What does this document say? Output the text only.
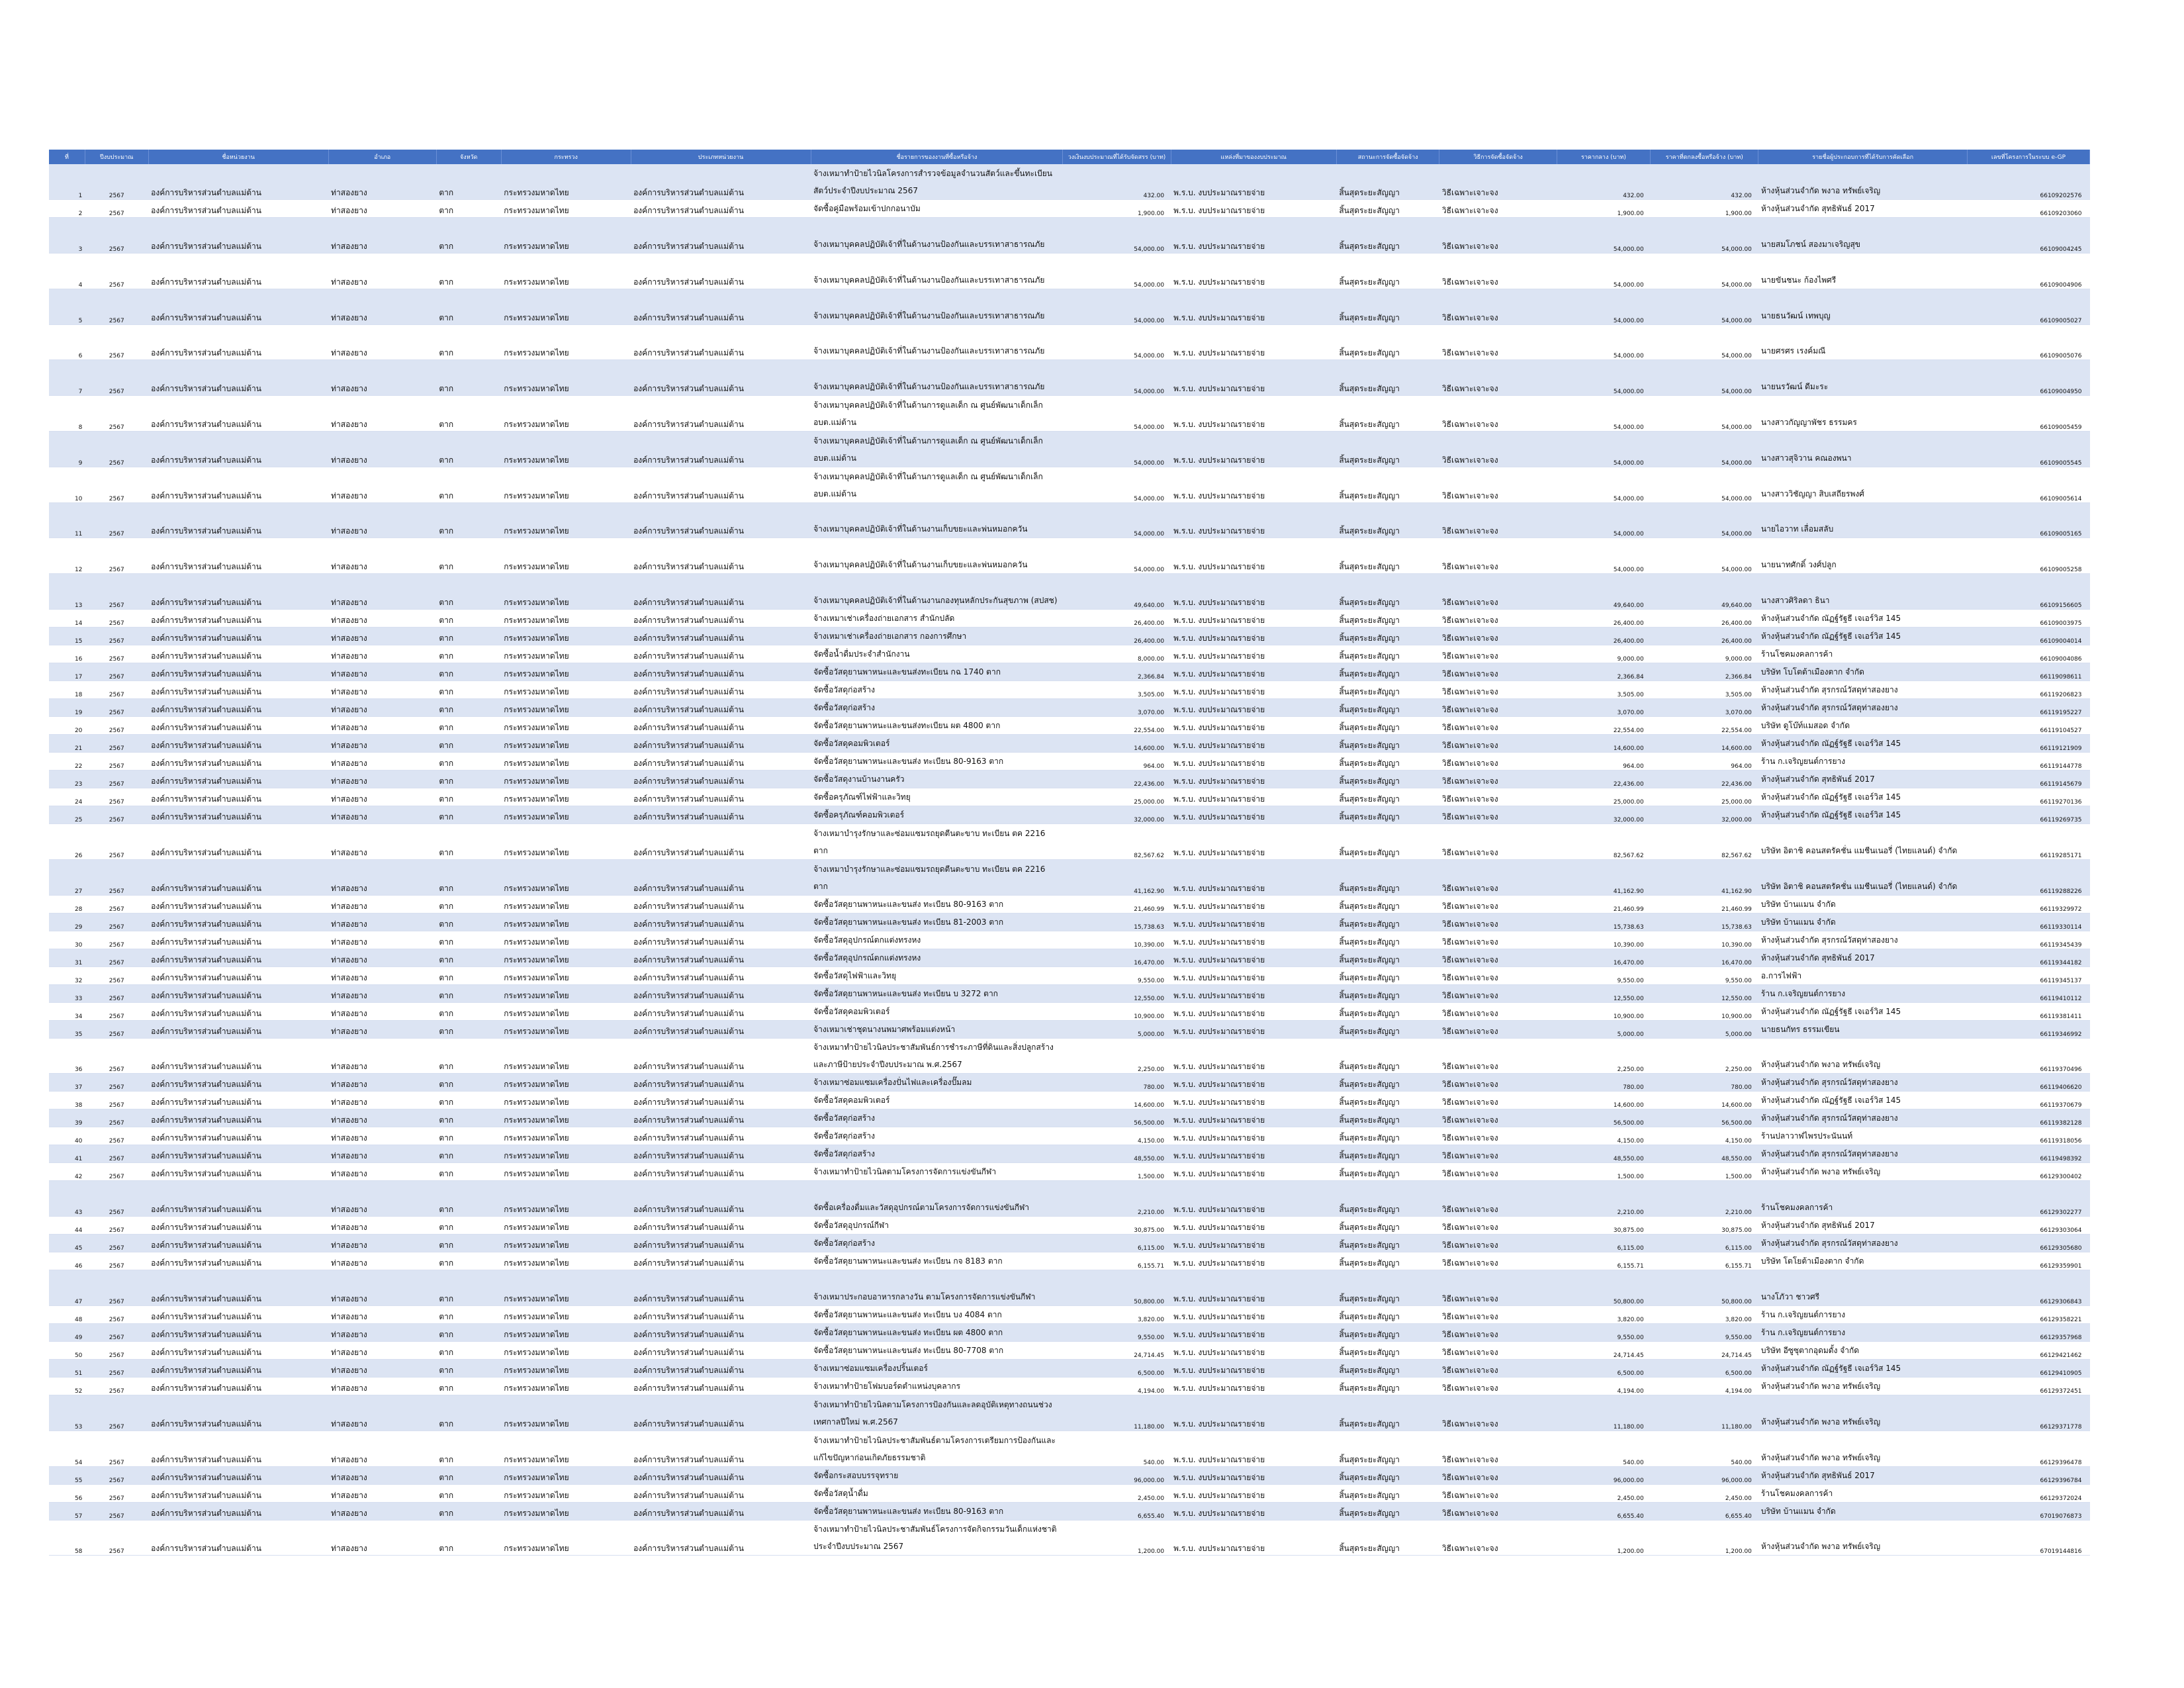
ที่	ปีงบประมาณ	ชื่อหน่วยงาน	อำเภอ	จังหวัด	กระทรวง	ประเภทหน่วยงาน	ชื่อรายการของงานที่ซื้อหรือจ้าง	วงเงินงบประมาณที่ได้รับจัดสรร (บาท)	แหล่งที่มาของงบประมาณ	สถานะการจัดซื้อจัดจ้าง	วิธีการจัดซื้อจัดจ้าง	ราคากลาง (บาท)	ราคาที่ตกลงซื้อหรือจ้าง (บาท)	รายชื่อผู้ประกอบการที่ได้รับการคัดเลือก	เลขที่โครงการในระบบ e-GP
1	2567	องค์การบริหารส่วนตำบลแม่ต้าน	ท่าสองยาง	ตาก	กระทรวงมหาดไทย	องค์การบริหารส่วนตำบลแม่ต้าน	จ้างเหมาทำป้ายไวนิลโครงการสำรวจข้อมูลจำนวนสัตว์และขึ้นทะเบียนสัตว์ประจำปีงบประมาณ 2567	432.00	พ.ร.บ. งบประมาณรายจ่าย	สิ้นสุดระยะสัญญา	วิธีเฉพาะเจาะจง	432.00	432.00	ห้างหุ้นส่วนจำกัด พงาอ ทรัพย์เจริญ	66109202576
2	2567	องค์การบริหารส่วนตำบลแม่ต้าน	ท่าสองยาง	ตาก	กระทรวงมหาดไทย	องค์การบริหารส่วนตำบลแม่ต้าน	จัดซื้อคู่มือพร้อมเข้าปกกอนาบัม	1,900.00	พ.ร.บ. งบประมาณรายจ่าย	สิ้นสุดระยะสัญญา	วิธีเฉพาะเจาะจง	1,900.00	1,900.00	ห้างหุ้นส่วนจำกัด สุทธิพันธ์ 2017	66109203060
3	2567	องค์การบริหารส่วนตำบลแม่ต้าน	ท่าสองยาง	ตาก	กระทรวงมหาดไทย	องค์การบริหารส่วนตำบลแม่ต้าน	จ้างเหมาบุคคลปฏิบัติเจ้าที่ในด้านงานป้องกันและบรรเทาสาธารณภัย	54,000.00	พ.ร.บ. งบประมาณรายจ่าย	สิ้นสุดระยะสัญญา	วิธีเฉพาะเจาะจง	54,000.00	54,000.00	นายสมโภชน์ สองมาเจริญสุข	66109004245
4	2567	องค์การบริหารส่วนตำบลแม่ต้าน	ท่าสองยาง	ตาก	กระทรวงมหาดไทย	องค์การบริหารส่วนตำบลแม่ต้าน	จ้างเหมาบุคคลปฏิบัติเจ้าที่ในด้านงานป้องกันและบรรเทาสาธารณภัย	54,000.00	พ.ร.บ. งบประมาณรายจ่าย	สิ้นสุดระยะสัญญา	วิธีเฉพาะเจาะจง	54,000.00	54,000.00	นายขันชนะ ก้องไพศรี	66109004906
5	2567	องค์การบริหารส่วนตำบลแม่ต้าน	ท่าสองยาง	ตาก	กระทรวงมหาดไทย	องค์การบริหารส่วนตำบลแม่ต้าน	จ้างเหมาบุคคลปฏิบัติเจ้าที่ในด้านงานป้องกันและบรรเทาสาธารณภัย	54,000.00	พ.ร.บ. งบประมาณรายจ่าย	สิ้นสุดระยะสัญญา	วิธีเฉพาะเจาะจง	54,000.00	54,000.00	นายธนวัฒน์ เทพบุญ	66109005027
6	2567	องค์การบริหารส่วนตำบลแม่ต้าน	ท่าสองยาง	ตาก	กระทรวงมหาดไทย	องค์การบริหารส่วนตำบลแม่ต้าน	จ้างเหมาบุคคลปฏิบัติเจ้าที่ในด้านงานป้องกันและบรรเทาสาธารณภัย	54,000.00	พ.ร.บ. งบประมาณรายจ่าย	สิ้นสุดระยะสัญญา	วิธีเฉพาะเจาะจง	54,000.00	54,000.00	นายศรศร เรงค์มณี	66109005076
7	2567	องค์การบริหารส่วนตำบลแม่ต้าน	ท่าสองยาง	ตาก	กระทรวงมหาดไทย	องค์การบริหารส่วนตำบลแม่ต้าน	จ้างเหมาบุคคลปฏิบัติเจ้าที่ในด้านงานป้องกันและบรรเทาสาธารณภัย	54,000.00	พ.ร.บ. งบประมาณรายจ่าย	สิ้นสุดระยะสัญญา	วิธีเฉพาะเจาะจง	54,000.00	54,000.00	นายนรวัฒน์ ดีมะระ	66109004950
8	2567	องค์การบริหารส่วนตำบลแม่ต้าน	ท่าสองยาง	ตาก	กระทรวงมหาดไทย	องค์การบริหารส่วนตำบลแม่ต้าน	จ้างเหมาบุคคลปฏิบัติเจ้าที่ในด้านการดูแลเด็ก ณ ศูนย์พัฒนาเด็กเล็ก อบต.แม่ต้าน	54,000.00	พ.ร.บ. งบประมาณรายจ่าย	สิ้นสุดระยะสัญญา	วิธีเฉพาะเจาะจง	54,000.00	54,000.00	นางสาวกัญญาพัชร ธรรมคร	66109005459
9	2567	องค์การบริหารส่วนตำบลแม่ต้าน	ท่าสองยาง	ตาก	กระทรวงมหาดไทย	องค์การบริหารส่วนตำบลแม่ต้าน	จ้างเหมาบุคคลปฏิบัติเจ้าที่ในด้านการดูแลเด็ก ณ ศูนย์พัฒนาเด็กเล็ก อบต.แม่ต้าน	54,000.00	พ.ร.บ. งบประมาณรายจ่าย	สิ้นสุดระยะสัญญา	วิธีเฉพาะเจาะจง	54,000.00	54,000.00	นางสาวสุจิวาน คณองพนา	66109005545
10	2567	องค์การบริหารส่วนตำบลแม่ต้าน	ท่าสองยาง	ตาก	กระทรวงมหาดไทย	องค์การบริหารส่วนตำบลแม่ต้าน	จ้างเหมาบุคคลปฏิบัติเจ้าที่ในด้านการดูแลเด็ก ณ ศูนย์พัฒนาเด็กเล็ก อบต.แม่ต้าน	54,000.00	พ.ร.บ. งบประมาณรายจ่าย	สิ้นสุดระยะสัญญา	วิธีเฉพาะเจาะจง	54,000.00	54,000.00	นางสาววิชัญญา สิบเสถียรพงศ์	66109005614
11	2567	องค์การบริหารส่วนตำบลแม่ต้าน	ท่าสองยาง	ตาก	กระทรวงมหาดไทย	องค์การบริหารส่วนตำบลแม่ต้าน	จ้างเหมาบุคคลปฏิบัติเจ้าที่ในด้านงานเก็บขยะและพ่นหมอกควัน	54,000.00	พ.ร.บ. งบประมาณรายจ่าย	สิ้นสุดระยะสัญญา	วิธีเฉพาะเจาะจง	54,000.00	54,000.00	นายไอวาท เลื่อมสลับ	66109005165
12	2567	องค์การบริหารส่วนตำบลแม่ต้าน	ท่าสองยาง	ตาก	กระทรวงมหาดไทย	องค์การบริหารส่วนตำบลแม่ต้าน	จ้างเหมาบุคคลปฏิบัติเจ้าที่ในด้านงานเก็บขยะและพ่นหมอกควัน	54,000.00	พ.ร.บ. งบประมาณรายจ่าย	สิ้นสุดระยะสัญญา	วิธีเฉพาะเจาะจง	54,000.00	54,000.00	นายนาทศักดิ์ วงศ์ปลูก	66109005258
13	2567	องค์การบริหารส่วนตำบลแม่ต้าน	ท่าสองยาง	ตาก	กระทรวงมหาดไทย	องค์การบริหารส่วนตำบลแม่ต้าน	จ้างเหมาบุคคลปฏิบัติเจ้าที่ในด้านงานกองทุนหลักประกันสุขภาพ (สปสช)	49,640.00	พ.ร.บ. งบประมาณรายจ่าย	สิ้นสุดระยะสัญญา	วิธีเฉพาะเจาะจง	49,640.00	49,640.00	นางสาวศิริลดา ธินา	66109156605
14	2567	องค์การบริหารส่วนตำบลแม่ต้าน	ท่าสองยาง	ตาก	กระทรวงมหาดไทย	องค์การบริหารส่วนตำบลแม่ต้าน	จ้างเหมาเช่าเครื่องถ่ายเอกสาร สำนักปลัด	26,400.00	พ.ร.บ. งบประมาณรายจ่าย	สิ้นสุดระยะสัญญา	วิธีเฉพาะเจาะจง	26,400.00	26,400.00	ห้างหุ้นส่วนจำกัด ณัฏฐ์รัฐธี เจเอร์วิส 145	66109003975
15	2567	องค์การบริหารส่วนตำบลแม่ต้าน	ท่าสองยาง	ตาก	กระทรวงมหาดไทย	องค์การบริหารส่วนตำบลแม่ต้าน	จ้างเหมาเช่าเครื่องถ่ายเอกสาร กองการศึกษา	26,400.00	พ.ร.บ. งบประมาณรายจ่าย	สิ้นสุดระยะสัญญา	วิธีเฉพาะเจาะจง	26,400.00	26,400.00	ห้างหุ้นส่วนจำกัด ณัฏฐ์รัฐธี เจเอร์วิส 145	66109004014
16	2567	องค์การบริหารส่วนตำบลแม่ต้าน	ท่าสองยาง	ตาก	กระทรวงมหาดไทย	องค์การบริหารส่วนตำบลแม่ต้าน	จัดซื้อน้ำดื่มประจำสำนักงาน	8,000.00	พ.ร.บ. งบประมาณรายจ่าย	สิ้นสุดระยะสัญญา	วิธีเฉพาะเจาะจง	9,000.00	9,000.00	ร้านโชคมงคลการค้า	66109004086
17	2567	องค์การบริหารส่วนตำบลแม่ต้าน	ท่าสองยาง	ตาก	กระทรวงมหาดไทย	องค์การบริหารส่วนตำบลแม่ต้าน	จัดซื้อวัสดุยานพาหนะและขนส่งทะเบียน กฉ 1740 ตาก	2,366.84	พ.ร.บ. งบประมาณรายจ่าย	สิ้นสุดระยะสัญญา	วิธีเฉพาะเจาะจง	2,366.84	2,366.84	บริษัท โบโตต้าเมืองตาก จำกัด	66119098611
18	2567	องค์การบริหารส่วนตำบลแม่ต้าน	ท่าสองยาง	ตาก	กระทรวงมหาดไทย	องค์การบริหารส่วนตำบลแม่ต้าน	จัดซื้อวัสดุก่อสร้าง	3,505.00	พ.ร.บ. งบประมาณรายจ่าย	สิ้นสุดระยะสัญญา	วิธีเฉพาะเจาะจง	3,505.00	3,505.00	ห้างหุ้นส่วนจำกัด สุรกรณ์วัสดุท่าสองยาง	66119206823
19	2567	องค์การบริหารส่วนตำบลแม่ต้าน	ท่าสองยาง	ตาก	กระทรวงมหาดไทย	องค์การบริหารส่วนตำบลแม่ต้าน	จัดซื้อวัสดุก่อสร้าง	3,070.00	พ.ร.บ. งบประมาณรายจ่าย	สิ้นสุดระยะสัญญา	วิธีเฉพาะเจาะจง	3,070.00	3,070.00	ห้างหุ้นส่วนจำกัด สุรกรณ์วัสดุท่าสองยาง	66119195227
20	2567	องค์การบริหารส่วนตำบลแม่ต้าน	ท่าสองยาง	ตาก	กระทรวงมหาดไทย	องค์การบริหารส่วนตำบลแม่ต้าน	จัดซื้อวัสดุยานพาหนะและขนส่งทะเบียน ผต 4800 ตาก	22,554.00	พ.ร.บ. งบประมาณรายจ่าย	สิ้นสุดระยะสัญญา	วิธีเฉพาะเจาะจง	22,554.00	22,554.00	บริษัท ดูโบ๊ท์แมสอด จำกัด	66119104527
21	2567	องค์การบริหารส่วนตำบลแม่ต้าน	ท่าสองยาง	ตาก	กระทรวงมหาดไทย	องค์การบริหารส่วนตำบลแม่ต้าน	จัดซื้อวัสดุคอมพิวเตอร์	14,600.00	พ.ร.บ. งบประมาณรายจ่าย	สิ้นสุดระยะสัญญา	วิธีเฉพาะเจาะจง	14,600.00	14,600.00	ห้างหุ้นส่วนจำกัด ณัฏฐ์รัฐธี เจเอร์วิส 145	66119121909
22	2567	องค์การบริหารส่วนตำบลแม่ต้าน	ท่าสองยาง	ตาก	กระทรวงมหาดไทย	องค์การบริหารส่วนตำบลแม่ต้าน	จัดซื้อวัสดุยานพาหนะและขนส่ง ทะเบียน 80-9163 ตาก	964.00	พ.ร.บ. งบประมาณรายจ่าย	สิ้นสุดระยะสัญญา	วิธีเฉพาะเจาะจง	964.00	964.00	ร้าน ก.เจริญยนต์การยาง	66119144778
23	2567	องค์การบริหารส่วนตำบลแม่ต้าน	ท่าสองยาง	ตาก	กระทรวงมหาดไทย	องค์การบริหารส่วนตำบลแม่ต้าน	จัดซื้อวัสดุงานบ้านงานครัว	22,436.00	พ.ร.บ. งบประมาณรายจ่าย	สิ้นสุดระยะสัญญา	วิธีเฉพาะเจาะจง	22,436.00	22,436.00	ห้างหุ้นส่วนจำกัด สุทธิพันธ์ 2017	66119145679
24	2567	องค์การบริหารส่วนตำบลแม่ต้าน	ท่าสองยาง	ตาก	กระทรวงมหาดไทย	องค์การบริหารส่วนตำบลแม่ต้าน	จัดซื้อครุภัณฑ์ไฟฟ้าและวิทยุ	25,000.00	พ.ร.บ. งบประมาณรายจ่าย	สิ้นสุดระยะสัญญา	วิธีเฉพาะเจาะจง	25,000.00	25,000.00	ห้างหุ้นส่วนจำกัด ณัฏฐ์รัฐธี เจเอร์วิส 145	66119270136
25	2567	องค์การบริหารส่วนตำบลแม่ต้าน	ท่าสองยาง	ตาก	กระทรวงมหาดไทย	องค์การบริหารส่วนตำบลแม่ต้าน	จัดซื้อครุภัณฑ์คอมพิวเตอร์	32,000.00	พ.ร.บ. งบประมาณรายจ่าย	สิ้นสุดระยะสัญญา	วิธีเฉพาะเจาะจง	32,000.00	32,000.00	ห้างหุ้นส่วนจำกัด ณัฏฐ์รัฐธี เจเอร์วิส 145	66119269735
26	2567	องค์การบริหารส่วนตำบลแม่ต้าน	ท่าสองยาง	ตาก	กระทรวงมหาดไทย	องค์การบริหารส่วนตำบลแม่ต้าน	จ้างเหมาบำรุงรักษาและซ่อมแซมรถยุดตีนตะขาบ ทะเบียน ตค 2216 ตาก	82,567.62	พ.ร.บ. งบประมาณรายจ่าย	สิ้นสุดระยะสัญญา	วิธีเฉพาะเจาะจง	82,567.62	82,567.62	บริษัท อิตาชิ คอนสตรัคชั่น แมชีนเนอรี่ (ไทยแลนด์) จำกัด	66119285171
27	2567	องค์การบริหารส่วนตำบลแม่ต้าน	ท่าสองยาง	ตาก	กระทรวงมหาดไทย	องค์การบริหารส่วนตำบลแม่ต้าน	จ้างเหมาบำรุงรักษาและซ่อมแซมรถยุดตีนตะขาบ ทะเบียน ตค 2216 ตาก	41,162.90	พ.ร.บ. งบประมาณรายจ่าย	สิ้นสุดระยะสัญญา	วิธีเฉพาะเจาะจง	41,162.90	41,162.90	บริษัท อิตาชิ คอนสตรัคชั่น แมชีนเนอรี่ (ไทยแลนด์) จำกัด	66119288226
28	2567	องค์การบริหารส่วนตำบลแม่ต้าน	ท่าสองยาง	ตาก	กระทรวงมหาดไทย	องค์การบริหารส่วนตำบลแม่ต้าน	จัดซื้อวัสดุยานพาหนะและขนส่ง ทะเบียน 80-9163 ตาก	21,460.99	พ.ร.บ. งบประมาณรายจ่าย	สิ้นสุดระยะสัญญา	วิธีเฉพาะเจาะจง	21,460.99	21,460.99	บริษัท บ้านแมน จำกัด	66119329972
29	2567	องค์การบริหารส่วนตำบลแม่ต้าน	ท่าสองยาง	ตาก	กระทรวงมหาดไทย	องค์การบริหารส่วนตำบลแม่ต้าน	จัดซื้อวัสดุยานพาหนะและขนส่ง ทะเบียน 81-2003 ตาก	15,738.63	พ.ร.บ. งบประมาณรายจ่าย	สิ้นสุดระยะสัญญา	วิธีเฉพาะเจาะจง	15,738.63	15,738.63	บริษัท บ้านแมน จำกัด	66119330114
30	2567	องค์การบริหารส่วนตำบลแม่ต้าน	ท่าสองยาง	ตาก	กระทรวงมหาดไทย	องค์การบริหารส่วนตำบลแม่ต้าน	จัดซื้อวัสดุอุปกรณ์ตกแต่งทรงหง	10,390.00	พ.ร.บ. งบประมาณรายจ่าย	สิ้นสุดระยะสัญญา	วิธีเฉพาะเจาะจง	10,390.00	10,390.00	ห้างหุ้นส่วนจำกัด สุรกรณ์วัสดุท่าสองยาง	66119345439
31	2567	องค์การบริหารส่วนตำบลแม่ต้าน	ท่าสองยาง	ตาก	กระทรวงมหาดไทย	องค์การบริหารส่วนตำบลแม่ต้าน	จัดซื้อวัสดุอุปกรณ์ตกแต่งทรงหง	16,470.00	พ.ร.บ. งบประมาณรายจ่าย	สิ้นสุดระยะสัญญา	วิธีเฉพาะเจาะจง	16,470.00	16,470.00	ห้างหุ้นส่วนจำกัด สุทธิพันธ์ 2017	66119344182
32	2567	องค์การบริหารส่วนตำบลแม่ต้าน	ท่าสองยาง	ตาก	กระทรวงมหาดไทย	องค์การบริหารส่วนตำบลแม่ต้าน	จัดซื้อวัสดุไฟฟ้าและวิทยุ	9,550.00	พ.ร.บ. งบประมาณรายจ่าย	สิ้นสุดระยะสัญญา	วิธีเฉพาะเจาะจง	9,550.00	9,550.00	อ.การไฟฟ้า	66119345137
33	2567	องค์การบริหารส่วนตำบลแม่ต้าน	ท่าสองยาง	ตาก	กระทรวงมหาดไทย	องค์การบริหารส่วนตำบลแม่ต้าน	จัดซื้อวัสดุยานพาหนะและขนส่ง ทะเบียน บ 3272 ตาก	12,550.00	พ.ร.บ. งบประมาณรายจ่าย	สิ้นสุดระยะสัญญา	วิธีเฉพาะเจาะจง	12,550.00	12,550.00	ร้าน ก.เจริญยนต์การยาง	66119410112
34	2567	องค์การบริหารส่วนตำบลแม่ต้าน	ท่าสองยาง	ตาก	กระทรวงมหาดไทย	องค์การบริหารส่วนตำบลแม่ต้าน	จัดซื้อวัสดุคอมพิวเตอร์	10,900.00	พ.ร.บ. งบประมาณรายจ่าย	สิ้นสุดระยะสัญญา	วิธีเฉพาะเจาะจง	10,900.00	10,900.00	ห้างหุ้นส่วนจำกัด ณัฏฐ์รัฐธี เจเอร์วิส 145	66119381411
35	2567	องค์การบริหารส่วนตำบลแม่ต้าน	ท่าสองยาง	ตาก	กระทรวงมหาดไทย	องค์การบริหารส่วนตำบลแม่ต้าน	จ้างเหมาเช่าชุดนางนพมาศพร้อมแต่งหน้า	5,000.00	พ.ร.บ. งบประมาณรายจ่าย	สิ้นสุดระยะสัญญา	วิธีเฉพาะเจาะจง	5,000.00	5,000.00	นายธนกัทร ธรรมเขียน	66119346992
36	2567	องค์การบริหารส่วนตำบลแม่ต้าน	ท่าสองยาง	ตาก	กระทรวงมหาดไทย	องค์การบริหารส่วนตำบลแม่ต้าน	จ้างเหมาทำป้ายไวนิลประชาสัมพันธ์การชำระภาษีที่ดินและสิ่งปลูกสร้างและภาษีป้ายประจำปีงบประมาณ พ.ศ.2567	2,250.00	พ.ร.บ. งบประมาณรายจ่าย	สิ้นสุดระยะสัญญา	วิธีเฉพาะเจาะจง	2,250.00	2,250.00	ห้างหุ้นส่วนจำกัด พงาอ ทรัพย์เจริญ	66119370496
37	2567	องค์การบริหารส่วนตำบลแม่ต้าน	ท่าสองยาง	ตาก	กระทรวงมหาดไทย	องค์การบริหารส่วนตำบลแม่ต้าน	จ้างเหมาซ่อมแซมเครื่องปั่นไฟและเครื่องปั๊มลม	780.00	พ.ร.บ. งบประมาณรายจ่าย	สิ้นสุดระยะสัญญา	วิธีเฉพาะเจาะจง	780.00	780.00	ห้างหุ้นส่วนจำกัด สุรกรณ์วัสดุท่าสองยาง	66119406620
38	2567	องค์การบริหารส่วนตำบลแม่ต้าน	ท่าสองยาง	ตาก	กระทรวงมหาดไทย	องค์การบริหารส่วนตำบลแม่ต้าน	จัดซื้อวัสดุคอมพิวเตอร์	14,600.00	พ.ร.บ. งบประมาณรายจ่าย	สิ้นสุดระยะสัญญา	วิธีเฉพาะเจาะจง	14,600.00	14,600.00	ห้างหุ้นส่วนจำกัด ณัฏฐ์รัฐธี เจเอร์วิส 145	66119370679
39	2567	องค์การบริหารส่วนตำบลแม่ต้าน	ท่าสองยาง	ตาก	กระทรวงมหาดไทย	องค์การบริหารส่วนตำบลแม่ต้าน	จัดซื้อวัสดุก่อสร้าง	56,500.00	พ.ร.บ. งบประมาณรายจ่าย	สิ้นสุดระยะสัญญา	วิธีเฉพาะเจาะจง	56,500.00	56,500.00	ห้างหุ้นส่วนจำกัด สุรกรณ์วัสดุท่าสองยาง	66119382128
40	2567	องค์การบริหารส่วนตำบลแม่ต้าน	ท่าสองยาง	ตาก	กระทรวงมหาดไทย	องค์การบริหารส่วนตำบลแม่ต้าน	จัดซื้อวัสดุก่อสร้าง	4,150.00	พ.ร.บ. งบประมาณรายจ่าย	สิ้นสุดระยะสัญญา	วิธีเฉพาะเจาะจง	4,150.00	4,150.00	ร้านปลาวาฬไพรประนันนท์	66119318056
41	2567	องค์การบริหารส่วนตำบลแม่ต้าน	ท่าสองยาง	ตาก	กระทรวงมหาดไทย	องค์การบริหารส่วนตำบลแม่ต้าน	จัดซื้อวัสดุก่อสร้าง	48,550.00	พ.ร.บ. งบประมาณรายจ่าย	สิ้นสุดระยะสัญญา	วิธีเฉพาะเจาะจง	48,550.00	48,550.00	ห้างหุ้นส่วนจำกัด สุรกรณ์วัสดุท่าสองยาง	66119498392
42	2567	องค์การบริหารส่วนตำบลแม่ต้าน	ท่าสองยาง	ตาก	กระทรวงมหาดไทย	องค์การบริหารส่วนตำบลแม่ต้าน	จ้างเหมาทำป้ายไวนิลตามโครงการจัดการแข่งขันกีฬา	1,500.00	พ.ร.บ. งบประมาณรายจ่าย	สิ้นสุดระยะสัญญา	วิธีเฉพาะเจาะจง	1,500.00	1,500.00	ห้างหุ้นส่วนจำกัด พงาอ ทรัพย์เจริญ	66129300402
43	2567	องค์การบริหารส่วนตำบลแม่ต้าน	ท่าสองยาง	ตาก	กระทรวงมหาดไทย	องค์การบริหารส่วนตำบลแม่ต้าน	จัดซื้อเครื่องดื่มและวัสดุอุปกรณ์ตามโครงการจัดการแข่งขันกีฬา	2,210.00	พ.ร.บ. งบประมาณรายจ่าย	สิ้นสุดระยะสัญญา	วิธีเฉพาะเจาะจง	2,210.00	2,210.00	ร้านโชคมงคลการค้า	66129302277
44	2567	องค์การบริหารส่วนตำบลแม่ต้าน	ท่าสองยาง	ตาก	กระทรวงมหาดไทย	องค์การบริหารส่วนตำบลแม่ต้าน	จัดซื้อวัสดุอุปกรณ์กีฬา	30,875.00	พ.ร.บ. งบประมาณรายจ่าย	สิ้นสุดระยะสัญญา	วิธีเฉพาะเจาะจง	30,875.00	30,875.00	ห้างหุ้นส่วนจำกัด สุทธิพันธ์ 2017	66129303064
45	2567	องค์การบริหารส่วนตำบลแม่ต้าน	ท่าสองยาง	ตาก	กระทรวงมหาดไทย	องค์การบริหารส่วนตำบลแม่ต้าน	จัดซื้อวัสดุก่อสร้าง	6,115.00	พ.ร.บ. งบประมาณรายจ่าย	สิ้นสุดระยะสัญญา	วิธีเฉพาะเจาะจง	6,115.00	6,115.00	ห้างหุ้นส่วนจำกัด สุรกรณ์วัสดุท่าสองยาง	66129305680
46	2567	องค์การบริหารส่วนตำบลแม่ต้าน	ท่าสองยาง	ตาก	กระทรวงมหาดไทย	องค์การบริหารส่วนตำบลแม่ต้าน	จัดซื้อวัสดุยานพาหนะและขนส่ง ทะเบียน กจ 8183 ตาก	6,155.71	พ.ร.บ. งบประมาณรายจ่าย	สิ้นสุดระยะสัญญา	วิธีเฉพาะเจาะจง	6,155.71	6,155.71	บริษัท โตโยต้าเมืองตาก จำกัด	66129359901
47	2567	องค์การบริหารส่วนตำบลแม่ต้าน	ท่าสองยาง	ตาก	กระทรวงมหาดไทย	องค์การบริหารส่วนตำบลแม่ต้าน	จ้างเหมาประกอบอาหารกลางวัน ตามโครงการจัดการแข่งขันกีฬา	50,800.00	พ.ร.บ. งบประมาณรายจ่าย	สิ้นสุดระยะสัญญา	วิธีเฉพาะเจาะจง	50,800.00	50,800.00	นางโภัวา ชาวศรี	66129306843
48	2567	องค์การบริหารส่วนตำบลแม่ต้าน	ท่าสองยาง	ตาก	กระทรวงมหาดไทย	องค์การบริหารส่วนตำบลแม่ต้าน	จัดซื้อวัสดุยานพาหนะและขนส่ง ทะเบียน บง 4084 ตาก	3,820.00	พ.ร.บ. งบประมาณรายจ่าย	สิ้นสุดระยะสัญญา	วิธีเฉพาะเจาะจง	3,820.00	3,820.00	ร้าน ก.เจริญยนต์การยาง	66129358221
49	2567	องค์การบริหารส่วนตำบลแม่ต้าน	ท่าสองยาง	ตาก	กระทรวงมหาดไทย	องค์การบริหารส่วนตำบลแม่ต้าน	จัดซื้อวัสดุยานพาหนะและขนส่ง ทะเบียน ผต 4800 ตาก	9,550.00	พ.ร.บ. งบประมาณรายจ่าย	สิ้นสุดระยะสัญญา	วิธีเฉพาะเจาะจง	9,550.00	9,550.00	ร้าน ก.เจริญยนต์การยาง	66129357968
50	2567	องค์การบริหารส่วนตำบลแม่ต้าน	ท่าสองยาง	ตาก	กระทรวงมหาดไทย	องค์การบริหารส่วนตำบลแม่ต้าน	จัดซื้อวัสดุยานพาหนะและขนส่ง ทะเบียน 80-7708 ตาก	24,714.45	พ.ร.บ. งบประมาณรายจ่าย	สิ้นสุดระยะสัญญา	วิธีเฉพาะเจาะจง	24,714.45	24,714.45	บริษัท อีซูซุตากอุดมดั้ง จำกัด	66129421462
51	2567	องค์การบริหารส่วนตำบลแม่ต้าน	ท่าสองยาง	ตาก	กระทรวงมหาดไทย	องค์การบริหารส่วนตำบลแม่ต้าน	จ้างเหมาซ่อมแซมเครื่องปริ้นเตอร์	6,500.00	พ.ร.บ. งบประมาณรายจ่าย	สิ้นสุดระยะสัญญา	วิธีเฉพาะเจาะจง	6,500.00	6,500.00	ห้างหุ้นส่วนจำกัด ณัฏฐ์รัฐธี เจเอร์วิส 145	66129410905
52	2567	องค์การบริหารส่วนตำบลแม่ต้าน	ท่าสองยาง	ตาก	กระทรวงมหาดไทย	องค์การบริหารส่วนตำบลแม่ต้าน	จ้างเหมาทำป้ายโฟมบอร์ดตำแหน่งบุคลากร	4,194.00	พ.ร.บ. งบประมาณรายจ่าย	สิ้นสุดระยะสัญญา	วิธีเฉพาะเจาะจง	4,194.00	4,194.00	ห้างหุ้นส่วนจำกัด พงาอ ทรัพย์เจริญ	66129372451
53	2567	องค์การบริหารส่วนตำบลแม่ต้าน	ท่าสองยาง	ตาก	กระทรวงมหาดไทย	องค์การบริหารส่วนตำบลแม่ต้าน	จ้างเหมาทำป้ายไวนิลตามโครงการป้องกันและลดอุบัติเหตุทางถนนช่วงเทศกาลปีใหม่ พ.ศ.2567	11,180.00	พ.ร.บ. งบประมาณรายจ่าย	สิ้นสุดระยะสัญญา	วิธีเฉพาะเจาะจง	11,180.00	11,180.00	ห้างหุ้นส่วนจำกัด พงาอ ทรัพย์เจริญ	66129371778
54	2567	องค์การบริหารส่วนตำบลแม่ต้าน	ท่าสองยาง	ตาก	กระทรวงมหาดไทย	องค์การบริหารส่วนตำบลแม่ต้าน	จ้างเหมาทำป้ายไวนิลประชาสัมพันธ์ตามโครงการเตรียมการป้องกันและแก้ไขปัญหาก่อนเกิดภัยธรรมชาติ	540.00	พ.ร.บ. งบประมาณรายจ่าย	สิ้นสุดระยะสัญญา	วิธีเฉพาะเจาะจง	540.00	540.00	ห้างหุ้นส่วนจำกัด พงาอ ทรัพย์เจริญ	66129396478
55	2567	องค์การบริหารส่วนตำบลแม่ต้าน	ท่าสองยาง	ตาก	กระทรวงมหาดไทย	องค์การบริหารส่วนตำบลแม่ต้าน	จัดซื้อกระสอบบรรจุทราย	96,000.00	พ.ร.บ. งบประมาณรายจ่าย	สิ้นสุดระยะสัญญา	วิธีเฉพาะเจาะจง	96,000.00	96,000.00	ห้างหุ้นส่วนจำกัด สุทธิพันธ์ 2017	66129396784
56	2567	องค์การบริหารส่วนตำบลแม่ต้าน	ท่าสองยาง	ตาก	กระทรวงมหาดไทย	องค์การบริหารส่วนตำบลแม่ต้าน	จัดซื้อวัสดุน้ำดื่ม	2,450.00	พ.ร.บ. งบประมาณรายจ่าย	สิ้นสุดระยะสัญญา	วิธีเฉพาะเจาะจง	2,450.00	2,450.00	ร้านโชคมงคลการค้า	66129372024
57	2567	องค์การบริหารส่วนตำบลแม่ต้าน	ท่าสองยาง	ตาก	กระทรวงมหาดไทย	องค์การบริหารส่วนตำบลแม่ต้าน	จัดซื้อวัสดุยานพาหนะและขนส่ง ทะเบียน 80-9163 ตาก	6,655.40	พ.ร.บ. งบประมาณรายจ่าย	สิ้นสุดระยะสัญญา	วิธีเฉพาะเจาะจง	6,655.40	6,655.40	บริษัท บ้านแมน จำกัด	67019076873
58	2567	องค์การบริหารส่วนตำบลแม่ต้าน	ท่าสองยาง	ตาก	กระทรวงมหาดไทย	องค์การบริหารส่วนตำบลแม่ต้าน	จ้างเหมาทำป้ายไวนิลประชาสัมพันธ์โครงการจัดกิจกรรมวันเด็กแห่งชาติ ประจำปีงบประมาณ 2567	1,200.00	พ.ร.บ. งบประมาณรายจ่าย	สิ้นสุดระยะสัญญา	วิธีเฉพาะเจาะจง	1,200.00	1,200.00	ห้างหุ้นส่วนจำกัด พงาอ ทรัพย์เจริญ	67019144816
